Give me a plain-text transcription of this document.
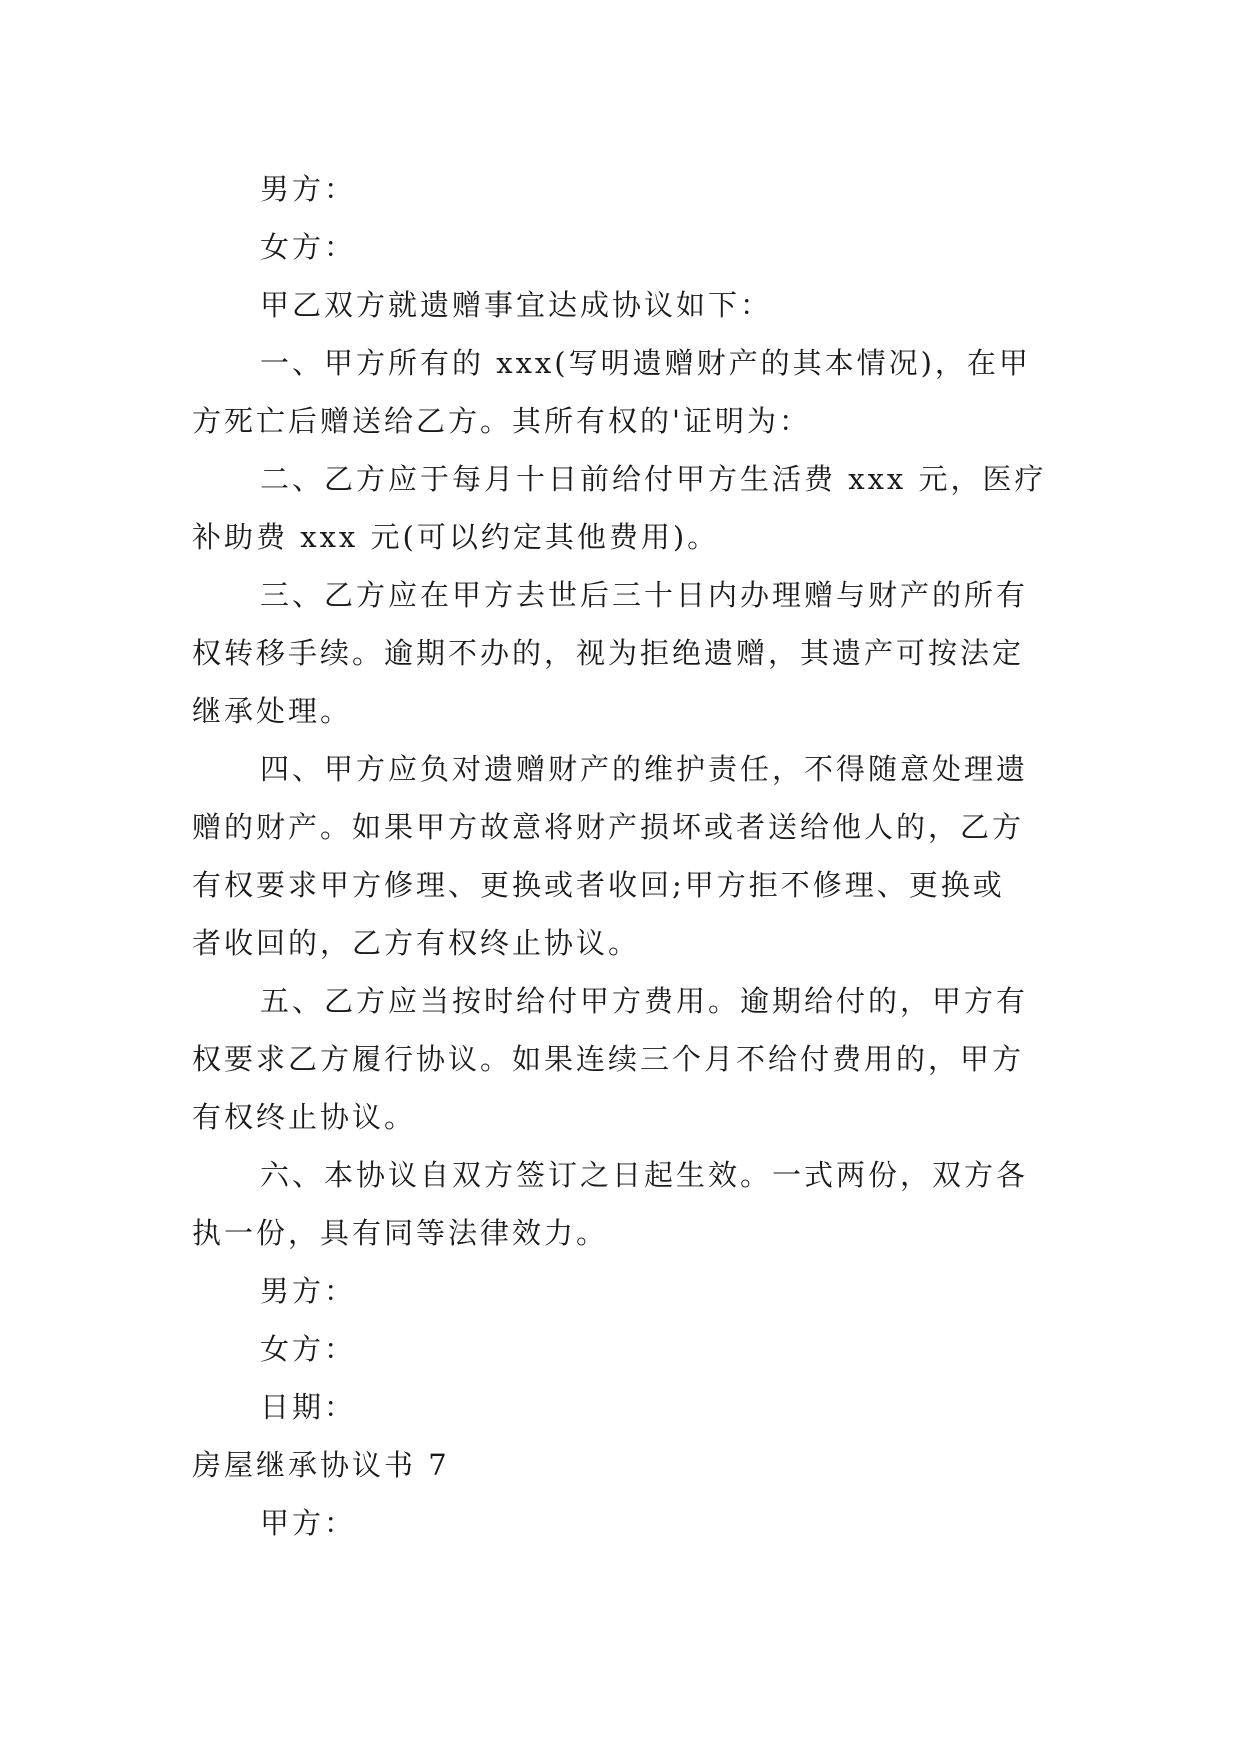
男方：
女方：
甲乙双方就遗赠事宜达成协议如下：
一、甲方所有的 xxx(写明遗赠财产的其本情况)，在甲
方死亡后赠送给乙方。其所有权的'证明为：
二、乙方应于每月十日前给付甲方生活费 xxx 元，医疗
补助费 xxx 元(可以约定其他费用)。
三、乙方应在甲方去世后三十日内办理赠与财产的所有
权转移手续。逾期不办的，视为拒绝遗赠，其遗产可按法定
继承处理。
四、甲方应负对遗赠财产的维护责任，不得随意处理遗
赠的财产。如果甲方故意将财产损坏或者送给他人的，乙方
有权要求甲方修理、更换或者收回;甲方拒不修理、更换或
者收回的，乙方有权终止协议。
五、乙方应当按时给付甲方费用。逾期给付的，甲方有
权要求乙方履行协议。如果连续三个月不给付费用的，甲方
有权终止协议。
六、本协议自双方签订之日起生效。一式两份，双方各
执一份，具有同等法律效力。
男方：
女方：
日期：
房屋继承协议书 7
甲方：
